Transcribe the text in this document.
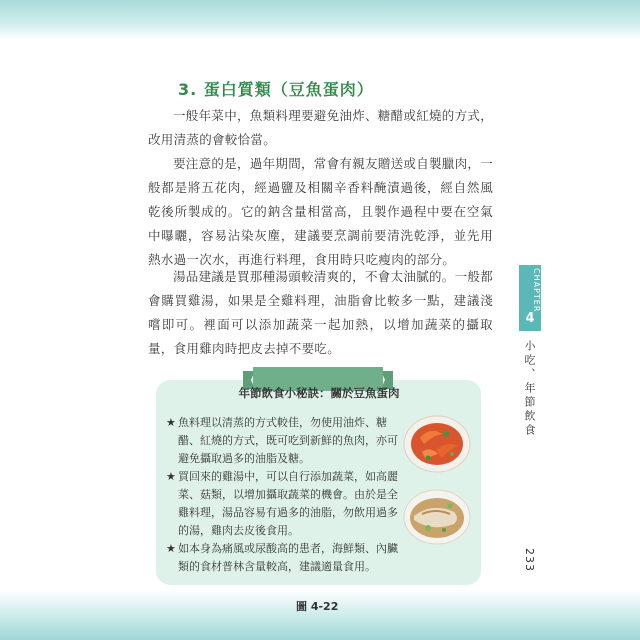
3. 蛋白質類（豆魚蛋肉）

一般年菜中，魚類料理要避免油炸、糖醋或紅燒的方式，改用清蒸的會較恰當。

要注意的是，過年期間，常會有親友贈送或自製臘肉，一般都是將五花肉，經過鹽及相關辛香料醃漬過後，經自然風乾後所製成的。它的鈉含量相當高，且製作過程中要在空氣中曝曬，容易沾染灰塵，建議要烹調前要清洗乾淨，並先用熱水過一次水，再進行料理，食用時只吃瘦肉的部分。

湯品建議是買那種湯頭較清爽的，不會太油膩的。一般都會購買雞湯，如果是全雞料理，油脂會比較多一點，建議淺嚐即可。裡面可以添加蔬菜一起加熱，以增加蔬菜的攝取量，食用雞肉時把皮去掉不要吃。

CHAPTER
4
小吃、年節飲食
233
年節飲食小秘訣：關於豆魚蛋肉
★ 魚料理以清蒸的方式較佳，勿使用油炸、糖醋、紅燒的方式，既可吃到新鮮的魚肉，亦可避免攝取過多的油脂及糖。
★ 買回來的雞湯中，可以自行添加蔬菜，如高麗菜、菇類，以增加攝取蔬菜的機會。由於是全雞料理，湯品容易有過多的油脂，勿飲用過多的湯，雞肉去皮後食用。
★ 如本身為痛風或尿酸高的患者，海鮮類、內臟類的食材普林含量較高，建議適量食用。
圖 4-22
